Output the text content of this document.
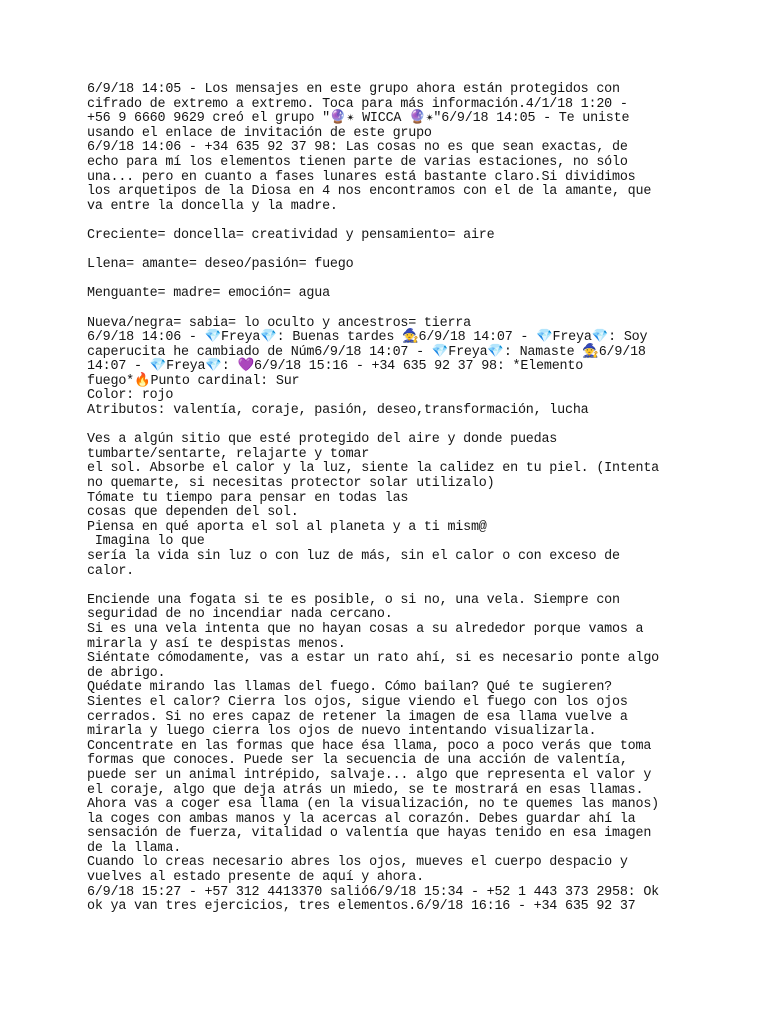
6/9/18 14:05 - Los mensajes en este grupo ahora están protegidos con
cifrado de extremo a extremo. Toca para más información.4/1/18 1:20 -
+56 9 6660 9629 creó el grupo "🔮✴ WICCA 🔮✴"6/9/18 14:05 - Te uniste
usando el enlace de invitación de este grupo
6/9/18 14:06 - +34 635 92 37 98: Las cosas no es que sean exactas, de
echo para mí los elementos tienen parte de varias estaciones, no sólo
una... pero en cuanto a fases lunares está bastante claro.Si dividimos
los arquetipos de la Diosa en 4 nos encontramos con el de la amante, que
va entre la doncella y la madre.
Creciente= doncella= creatividad y pensamiento= aire
Llena= amante= deseo/pasión= fuego
Menguante= madre= emoción= agua
Nueva/negra= sabia= lo oculto y ancestros= tierra
6/9/18 14:06 - 💎Freya💎: Buenas tardes 🧙6/9/18 14:07 - 💎Freya💎: Soy
caperucita he cambiado de Núm6/9/18 14:07 - 💎Freya💎: Namaste 🧙6/9/18
14:07 - 💎Freya💎: 💜6/9/18 15:16 - +34 635 92 37 98: *Elemento
fuego*🔥Punto cardinal: Sur
Color: rojo
Atributos: valentía, coraje, pasión, deseo,transformación, lucha
Ves a algún sitio que esté protegido del aire y donde puedas
tumbarte/sentarte, relajarte y tomar
el sol. Absorbe el calor y la luz, siente la calidez en tu piel. (Intenta
no quemarte, si necesitas protector solar utilizalo)
Tómate tu tiempo para pensar en todas las
cosas que dependen del sol.
Piensa en qué aporta el sol al planeta y a ti mism@
Imagina lo que
sería la vida sin luz o con luz de más, sin el calor o con exceso de
calor.
Enciende una fogata si te es posible, o si no, una vela. Siempre con
seguridad de no incendiar nada cercano.
Si es una vela intenta que no hayan cosas a su alrededor porque vamos a
mirarla y así te despistas menos.
Siéntate cómodamente, vas a estar un rato ahí, si es necesario ponte algo
de abrigo.
Quédate mirando las llamas del fuego. Cómo bailan? Qué te sugieren?
Sientes el calor? Cierra los ojos, sigue viendo el fuego con los ojos
cerrados. Si no eres capaz de retener la imagen de esa llama vuelve a
mirarla y luego cierra los ojos de nuevo intentando visualizarla.
Concentrate en las formas que hace ésa llama, poco a poco verás que toma
formas que conoces. Puede ser la secuencia de una acción de valentía,
puede ser un animal intrépido, salvaje... algo que representa el valor y
el coraje, algo que deja atrás un miedo, se te mostrará en esas llamas.
Ahora vas a coger esa llama (en la visualización, no te quemes las manos)
la coges con ambas manos y la acercas al corazón. Debes guardar ahí la
sensación de fuerza, vitalidad o valentía que hayas tenido en esa imagen
de la llama.
Cuando lo creas necesario abres los ojos, mueves el cuerpo despacio y
vuelves al estado presente de aquí y ahora.
6/9/18 15:27 - +57 312 4413370 salió6/9/18 15:34 - +52 1 443 373 2958: Ok
ok ya van tres ejercicios, tres elementos.6/9/18 16:16 - +34 635 92 37
